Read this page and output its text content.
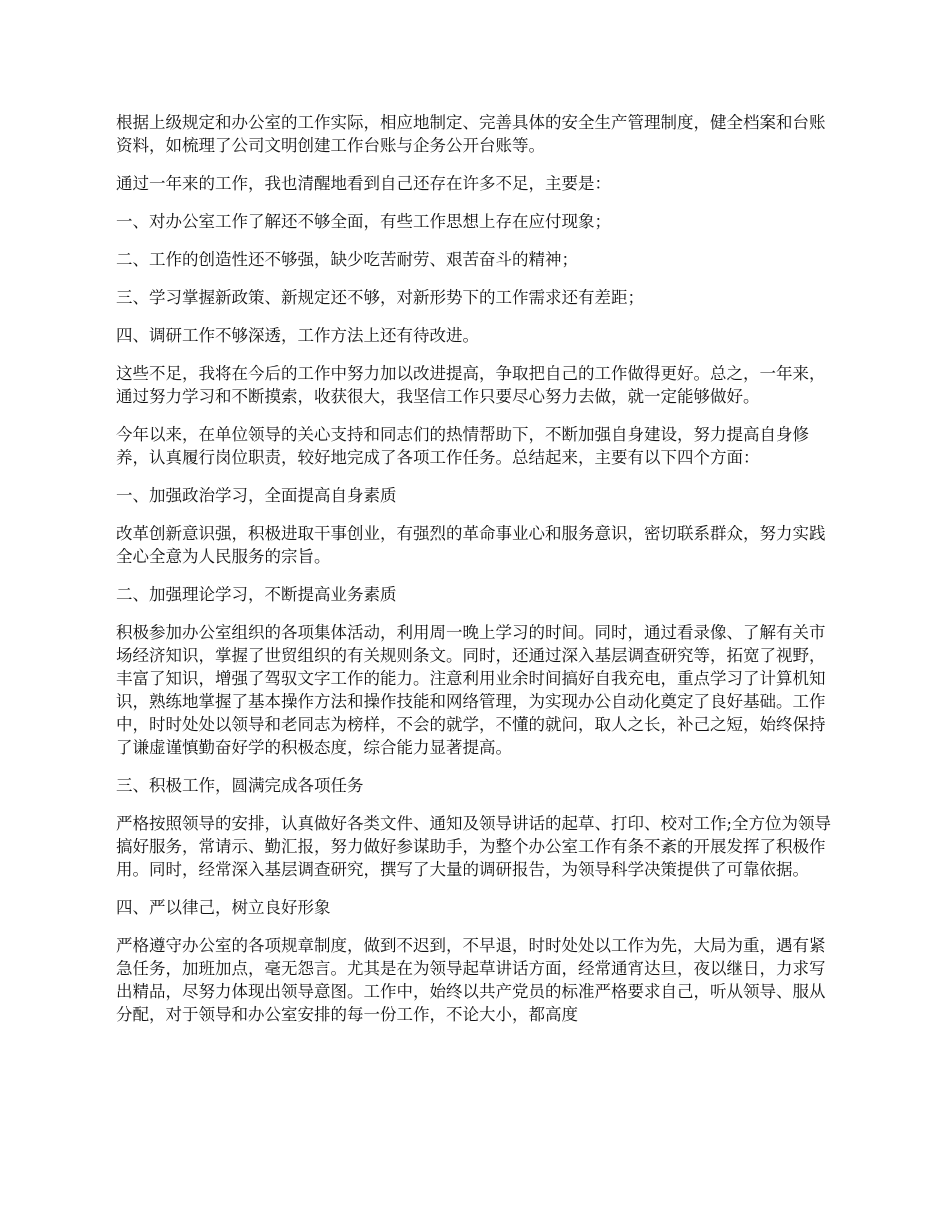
根据上级规定和办公室的工作实际，相应地制定、完善具体的安全生产管理制度，健全档案和台账资料，如梳理了公司文明创建工作台账与企务公开台账等。

通过一年来的工作，我也清醒地看到自己还存在许多不足，主要是：

一、对办公室工作了解还不够全面，有些工作思想上存在应付现象；

二、工作的创造性还不够强，缺少吃苦耐劳、艰苦奋斗的精神；

三、学习掌握新政策、新规定还不够，对新形势下的工作需求还有差距；

四、调研工作不够深透，工作方法上还有待改进。

这些不足，我将在今后的工作中努力加以改进提高，争取把自己的工作做得更好。总之，一年来，通过努力学习和不断摸索，收获很大，我坚信工作只要尽心努力去做，就一定能够做好。

今年以来，在单位领导的关心支持和同志们的热情帮助下，不断加强自身建设，努力提高自身修养，认真履行岗位职责，较好地完成了各项工作任务。总结起来，主要有以下四个方面：

一、加强政治学习，全面提高自身素质

改革创新意识强，积极进取干事创业，有强烈的革命事业心和服务意识，密切联系群众，努力实践全心全意为人民服务的宗旨。

二、加强理论学习，不断提高业务素质

积极参加办公室组织的各项集体活动，利用周一晚上学习的时间。同时，通过看录像、了解有关市场经济知识，掌握了世贸组织的有关规则条文。同时，还通过深入基层调查研究等，拓宽了视野，丰富了知识，增强了驾驭文字工作的能力。注意利用业余时间搞好自我充电，重点学习了计算机知识，熟练地掌握了基本操作方法和操作技能和网络管理，为实现办公自动化奠定了良好基础。工作中，时时处处以领导和老同志为榜样，不会的就学，不懂的就问，取人之长，补己之短，始终保持了谦虚谨慎勤奋好学的积极态度，综合能力显著提高。

三、积极工作，圆满完成各项任务

严格按照领导的安排，认真做好各类文件、通知及领导讲话的起草、打印、校对工作;全方位为领导搞好服务，常请示、勤汇报，努力做好参谋助手，为整个办公室工作有条不紊的开展发挥了积极作用。同时，经常深入基层调查研究，撰写了大量的调研报告，为领导科学决策提供了可靠依据。

四、严以律己，树立良好形象

严格遵守办公室的各项规章制度，做到不迟到，不早退，时时处处以工作为先，大局为重，遇有紧急任务，加班加点，毫无怨言。尤其是在为领导起草讲话方面，经常通宵达旦，夜以继日，力求写出精品，尽努力体现出领导意图。工作中，始终以共产党员的标准严格要求自己，听从领导、服从分配，对于领导和办公室安排的每一份工作，不论大小，都高度
